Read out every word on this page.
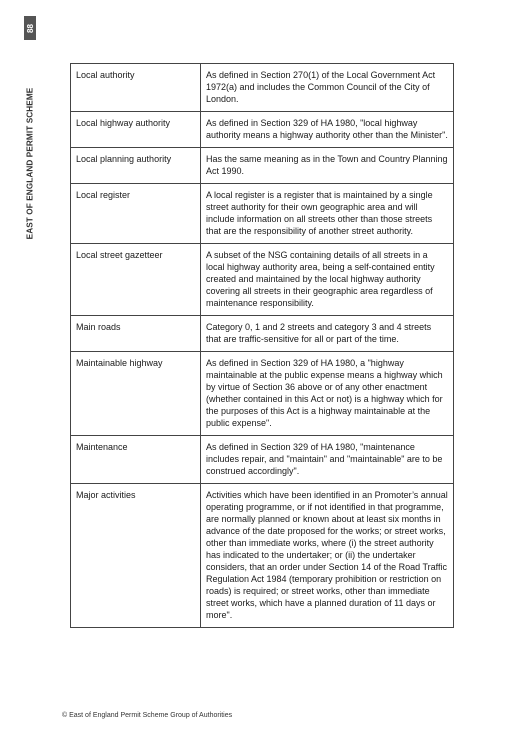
88
EAST OF ENGLAND PERMIT SCHEME
Local authority	As defined in Section 270(1) of the Local Government Act 1972(a) and includes the Common Council of the City of London.
Local highway authority	As defined in Section 329 of HA 1980, "local highway authority means a highway authority other than the Minister".
Local planning authority	Has the same meaning as in the Town and Country Planning Act 1990.
Local register	A local register is a register that is maintained by a single street authority for their own geographic area and will include information on all streets other than those streets that are the responsibility of another street authority.
Local street gazetteer	A subset of the NSG containing details of all streets in a local highway authority area, being a self-contained entity created and maintained by the local highway authority covering all streets in their geographic area regardless of maintenance responsibility.
Main roads	Category 0, 1 and 2 streets and category 3 and 4 streets that are traffic-sensitive for all or part of the time.
Maintainable highway	As defined in Section 329 of HA 1980, a "highway maintainable at the public expense means a highway which by virtue of Section 36 above or of any other enactment (whether contained in this Act or not) is a highway which for the purposes of this Act is a highway maintainable at the public expense".
Maintenance	As defined in Section 329 of HA 1980, "maintenance includes repair, and "maintain" and "maintainable" are to be construed accordingly".
Major activities	Activities which have been identified in an Promoter’s annual operating programme, or if not identified in that programme, are normally planned or known about at least six months in advance of the date proposed for the works; or street works, other than immediate works, where (i) the street authority has indicated to the undertaker; or (ii) the undertaker considers, that an order under Section 14 of the Road Traffic Regulation Act 1984 (temporary prohibition or restriction on roads) is required; or street works, other than immediate street works, which have a planned duration of 11 days or more".
© East of England Permit Scheme Group of Authorities
